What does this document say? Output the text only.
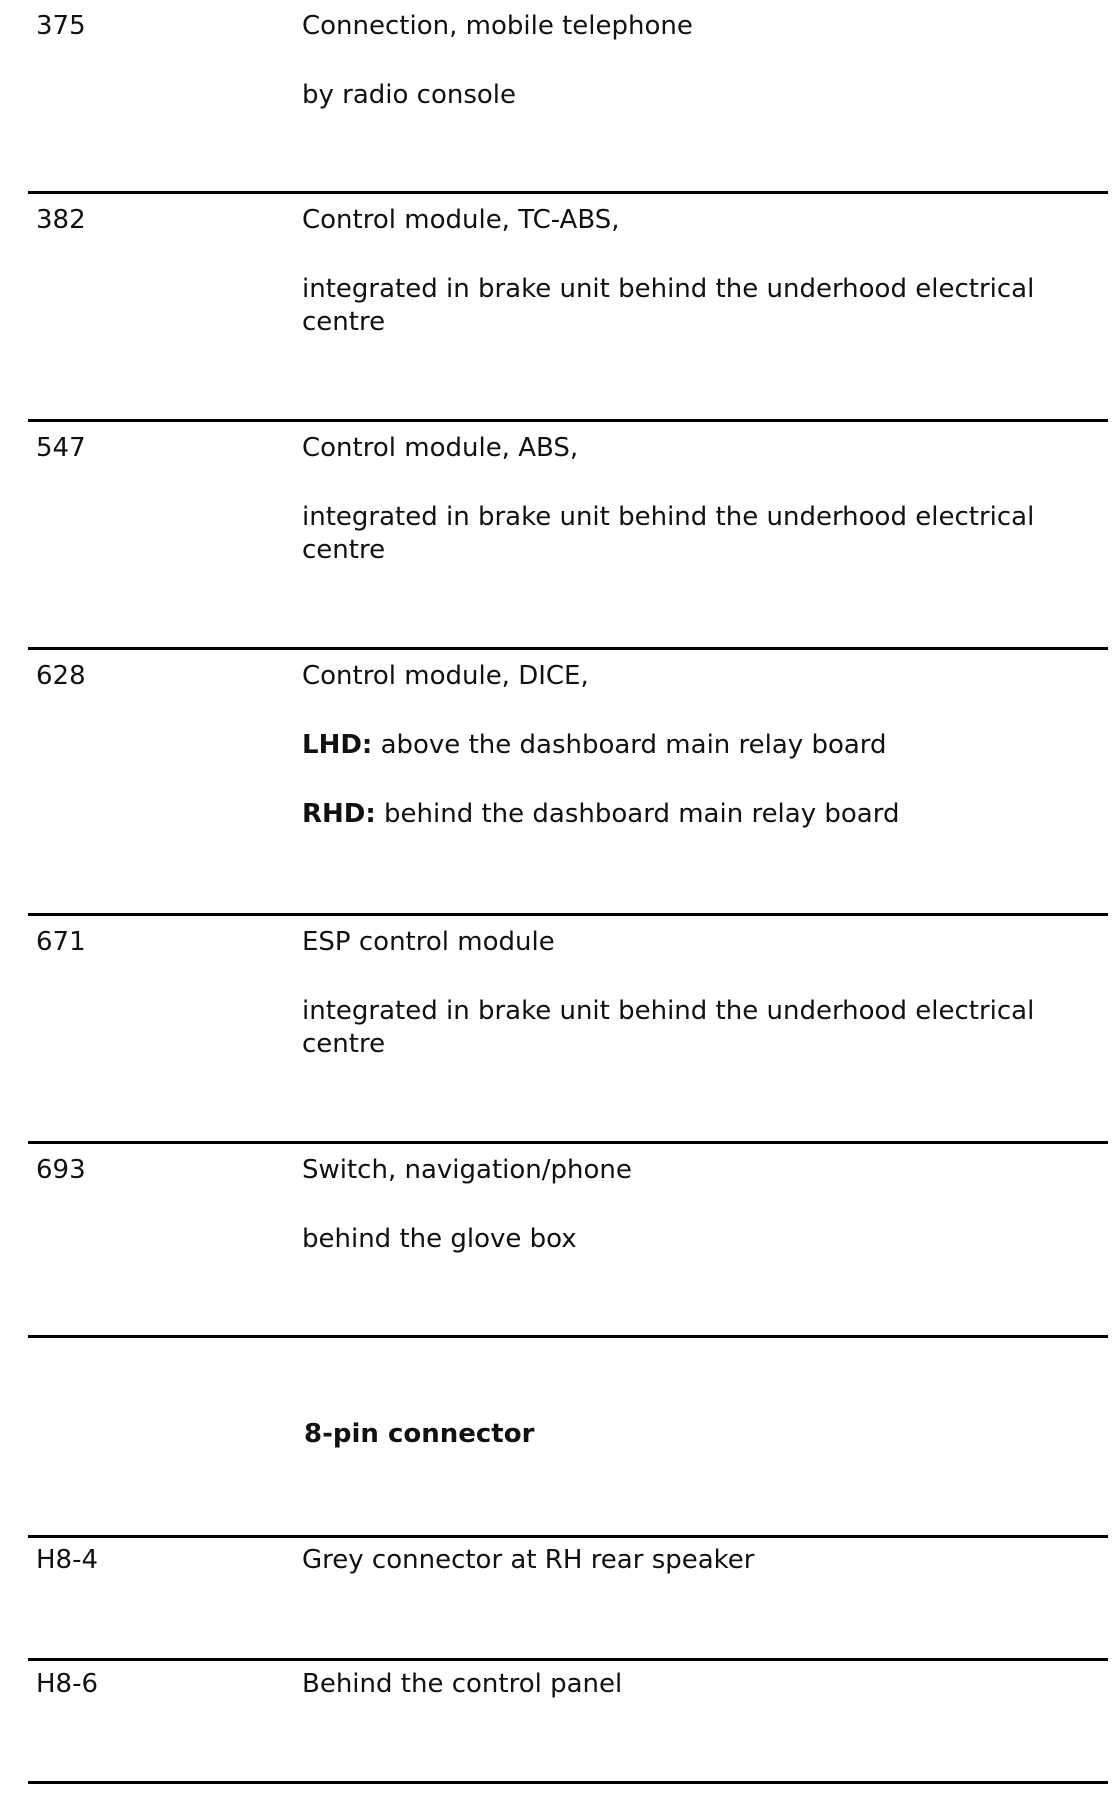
375	Connection, mobile telephone

by radio console

382	Control module, TC-ABS,

integrated in brake unit behind the underhood electrical

centre

547	Control module, ABS,

integrated in brake unit behind the underhood electrical

centre

628	Control module, DICE,

LHD: above the dashboard main relay board

RHD: behind the dashboard main relay board

671	ESP control module

integrated in brake unit behind the underhood electrical

centre

693	Switch, navigation/phone

behind the glove box

8-pin connector
H8-4	Grey connector at RH rear speaker

H8-6	Behind the control panel
